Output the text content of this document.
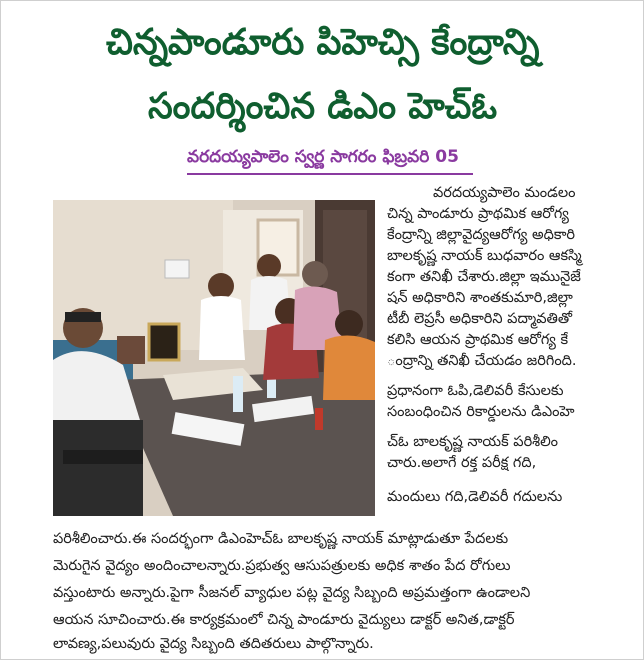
చిన్నపాండూరు పిహెచ్సి కేంద్రాన్ని
సందర్శించిన డిఎం హెచ్ఓ
వరదయ్యపాలెం స్వర్ణ సాగరం ఫిబ్రవరి 05
వరదయ్యపాలెం మండలం
చిన్న పాండూరు ప్రాథమిక ఆరోగ్య
కేంద్రాన్ని జిల్లావైద్యఆరోగ్య అధికారి
బాలకృష్ణ నాయక్ బుధవారం ఆకస్మి
కంగా తనిఖీ చేశారు.జిల్లా ఇమునైజే
షన్ అధికారిని శాంతకుమారి,జిల్లా
టీబీ లెప్రసీ అధికారిని పద్మావతితో
కలిసి ఆయన ప్రాథమిక ఆరోగ్య కే
ంద్రాన్ని తనిఖీ చేయడం జరిగింది.
ప్రధానంగా ఓపి,డెలివరీ కేసులకు
సంబంధించిన రికార్డులను డిఎంహె
చ్ఓ బాలకృష్ణ నాయక్ పరిశీలిం
చారు.అలాగే రక్త పరీక్ష గది,
మందులు గది,డెలివరీ గదులను
పరిశీలించారు.ఈ సందర్భంగా డిఎంహెచ్ఓ బాలకృష్ణ నాయక్ మాట్లాడుతూ పేదలకు
మెరుగైన వైద్యం అందించాలన్నారు.ప్రభుత్వ ఆసుపత్రులకు అధిక శాతం పేద రోగులు
వస్తుంటారు అన్నారు.పైగా సీజనల్ వ్యాధుల పట్ల వైద్య సిబ్బంది అప్రమత్తంగా ఉండాలని
ఆయన సూచించారు.ఈ కార్యక్రమంలో చిన్న పాండూరు వైద్యులు డాక్టర్ అనిత,డాక్టర్
లావణ్య,పలువురు వైద్య సిబ్బంది తదితరులు పాల్గొన్నారు.
